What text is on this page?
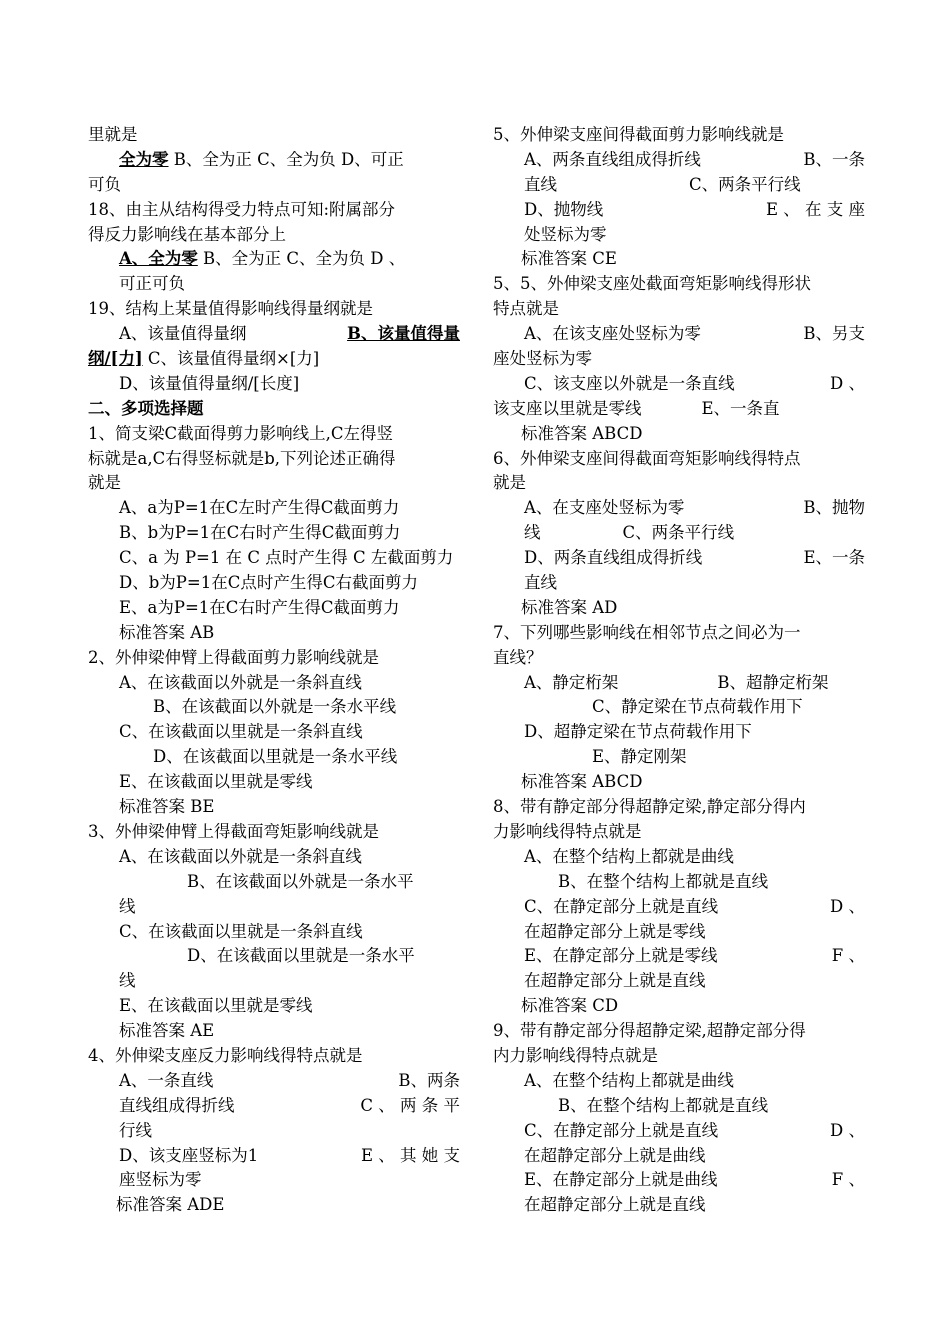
里就是
全为零 B、全为正 C、全为负 D、可正
可负
18、由主从结构得受力特点可知:附属部分
得反力影响线在基本部分上
A、全为零 B、全为正 C、全为负 D 、
可正可负
19、结构上某量值得影响线得量纲就是
A、该量值得量纲	B、该量值得量
纲/[力] C、该量值得量纲×[力]
D、该量值得量纲/[长度]
二、多项选择题
1、简支梁C截面得剪力影响线上,C左得竖
标就是a,C右得竖标就是b,下列论述正确得
就是
A、a为P=1在C左时产生得C截面剪力
B、b为P=1在C右时产生得C截面剪力
C、a 为 P=1 在 C 点时产生得 C 左截面剪力
D、b为P=1在C点时产生得C右截面剪力
E、a为P=1在C右时产生得C截面剪力
标准答案 AB
2、外伸梁伸臂上得截面剪力影响线就是
A、在该截面以外就是一条斜直线
B、在该截面以外就是一条水平线
C、在该截面以里就是一条斜直线
D、在该截面以里就是一条水平线
E、在该截面以里就是零线
标准答案 BE
3、外伸梁伸臂上得截面弯矩影响线就是
A、在该截面以外就是一条斜直线
B、在该截面以外就是一条水平
线
C、在该截面以里就是一条斜直线
D、在该截面以里就是一条水平
线
E、在该截面以里就是零线
标准答案 AE
4、外伸梁支座反力影响线得特点就是
A、一条直线	B、两条
直线组成得折线	C 、 两 条 平
行线
D、该支座竖标为1	E 、 其 她 支
座竖标为零
标准答案 ADE
5、外伸梁支座间得截面剪力影响线就是
A、两条直线组成得折线	B、一条
直线	C、两条平行线
D、抛物线	E 、 在 支 座
处竖标为零
标准答案 CE
5、5、外伸梁支座处截面弯矩影响线得形状
特点就是
A、在该支座处竖标为零	B、另支
座处竖标为零
C、该支座以外就是一条直线	D 、
该支座以里就是零线	E、一条直
标准答案 ABCD
6、外伸梁支座间得截面弯矩影响线得特点
就是
A、在支座处竖标为零	B、抛物
线	C、两条平行线
D、两条直线组成得折线	E、一条
直线
标准答案 AD
7、下列哪些影响线在相邻节点之间必为一
直线？
A、静定桁架	B、超静定桁架
C、静定梁在节点荷载作用下
D、超静定梁在节点荷载作用下
E、静定刚架
标准答案 ABCD
8、带有静定部分得超静定梁,静定部分得内
力影响线得特点就是
A、在整个结构上都就是曲线
B、在整个结构上都就是直线
C、在静定部分上就是直线	D 、
在超静定部分上就是零线
E、在静定部分上就是零线	F 、
在超静定部分上就是直线
标准答案 CD
9、带有静定部分得超静定梁,超静定部分得
内力影响线得特点就是
A、在整个结构上都就是曲线
B、在整个结构上都就是直线
C、在静定部分上就是直线	D 、
在超静定部分上就是曲线
E、在静定部分上就是曲线	F 、
在超静定部分上就是直线
